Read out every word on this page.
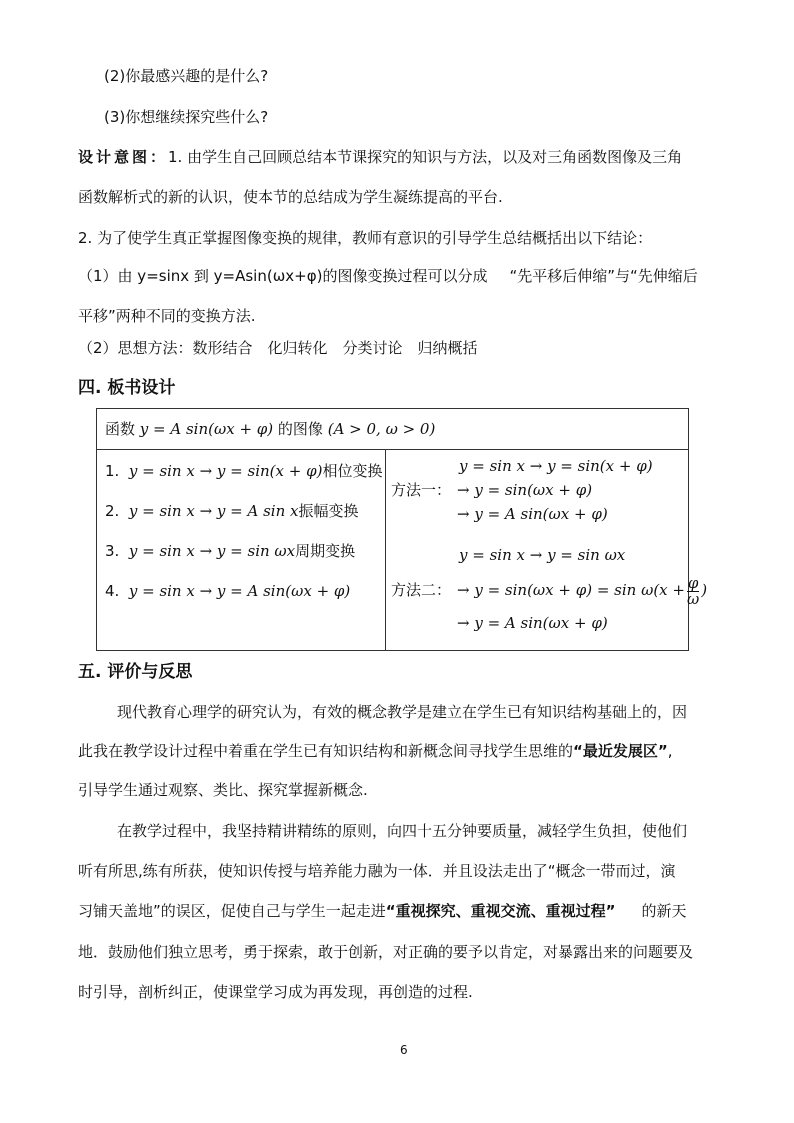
(2)你最感兴趣的是什么?
(3)你想继续探究些什么?
设计意图：1. 由学生自己回顾总结本节课探究的知识与方法，以及对三角函数图像及三角
函数解析式的新的认识，使本节的总结成为学生凝练提高的平台.
2. 为了使学生真正掌握图像变换的规律，教师有意识的引导学生总结概括出以下结论：
（1）由 y=sinx 到 y=Asin(ωx+φ)的图像变换过程可以分成 “先平移后伸缩”与“先伸缩后
平移”两种不同的变换方法.
（2）思想方法：数形结合　化归转化　分类讨论　归纳概括
四. 板书设计
函数 y = A sin(ωx + φ) 的图像 (A > 0, ω > 0)
1. y = sin x → y = sin(x + φ)相位变换
2. y = sin x → y = A sin x振幅变换
3. y = sin x → y = sin ωx周期变换
4. y = sin x → y = A sin(ωx + φ)
y = sin x → y = sin(x + φ)
方法一： → y = sin(ωx + φ)
→ y = A sin(ωx + φ)
y = sin x → y = sin ωx
方法二： → $y = \sin(\omega x + \varphi) = \sin \omega(x + \frac{\varphi}{\omega}$ )
→ y = A sin(ωx + φ)
五. 评价与反思
现代教育心理学的研究认为，有效的概念教学是建立在学生已有知识结构基础上的，因
此我在教学设计过程中着重在学生已有知识结构和新概念间寻找学生思维的“最近发展区”,
引导学生通过观察、类比、探究掌握新概念.
在教学过程中，我坚持精讲精练的原则，向四十五分钟要质量，减轻学生负担，使他们
听有所思,练有所获，使知识传授与培养能力融为一体．并且设法走出了“概念一带而过，演
习铺天盖地”的误区，促使自己与学生一起走进“重视探究、重视交流、重视过程” 的新天
地．鼓励他们独立思考，勇于探索，敢于创新，对正确的要予以肯定，对暴露出来的问题要及
时引导，剖析纠正，使课堂学习成为再发现，再创造的过程.
6
